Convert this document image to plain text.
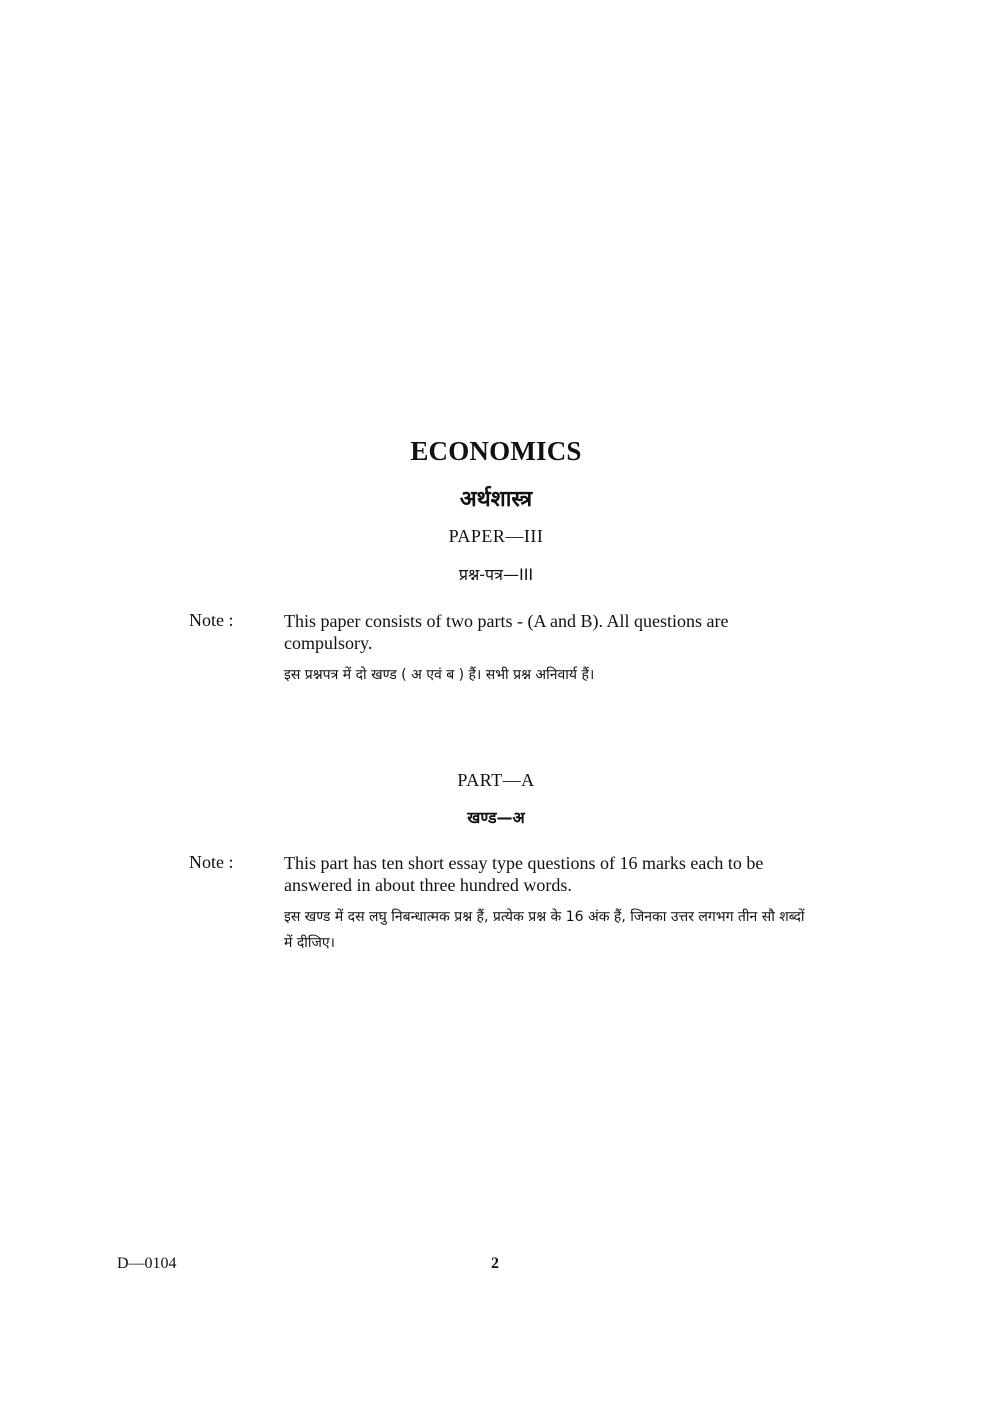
ECONOMICS
अर्थशास्त्र
PAPER—III
प्रश्न-पत्र—III
Note :	This paper consists of two parts - (A and B). All questions are compulsory.

इस प्रश्नपत्र में दो खण्ड ( अ एवं ब ) हैं। सभी प्रश्न अनिवार्य हैं।

PART—A
खण्ड—अ
Note :	This part has ten short essay type questions of 16 marks each to be answered in about three hundred words.

इस खण्ड में दस लघु निबन्धात्मक प्रश्न हैं, प्रत्येक प्रश्न के 16 अंक हैं, जिनका उत्तर लगभग तीन सौ शब्दों में दीजिए।

D—0104	2
